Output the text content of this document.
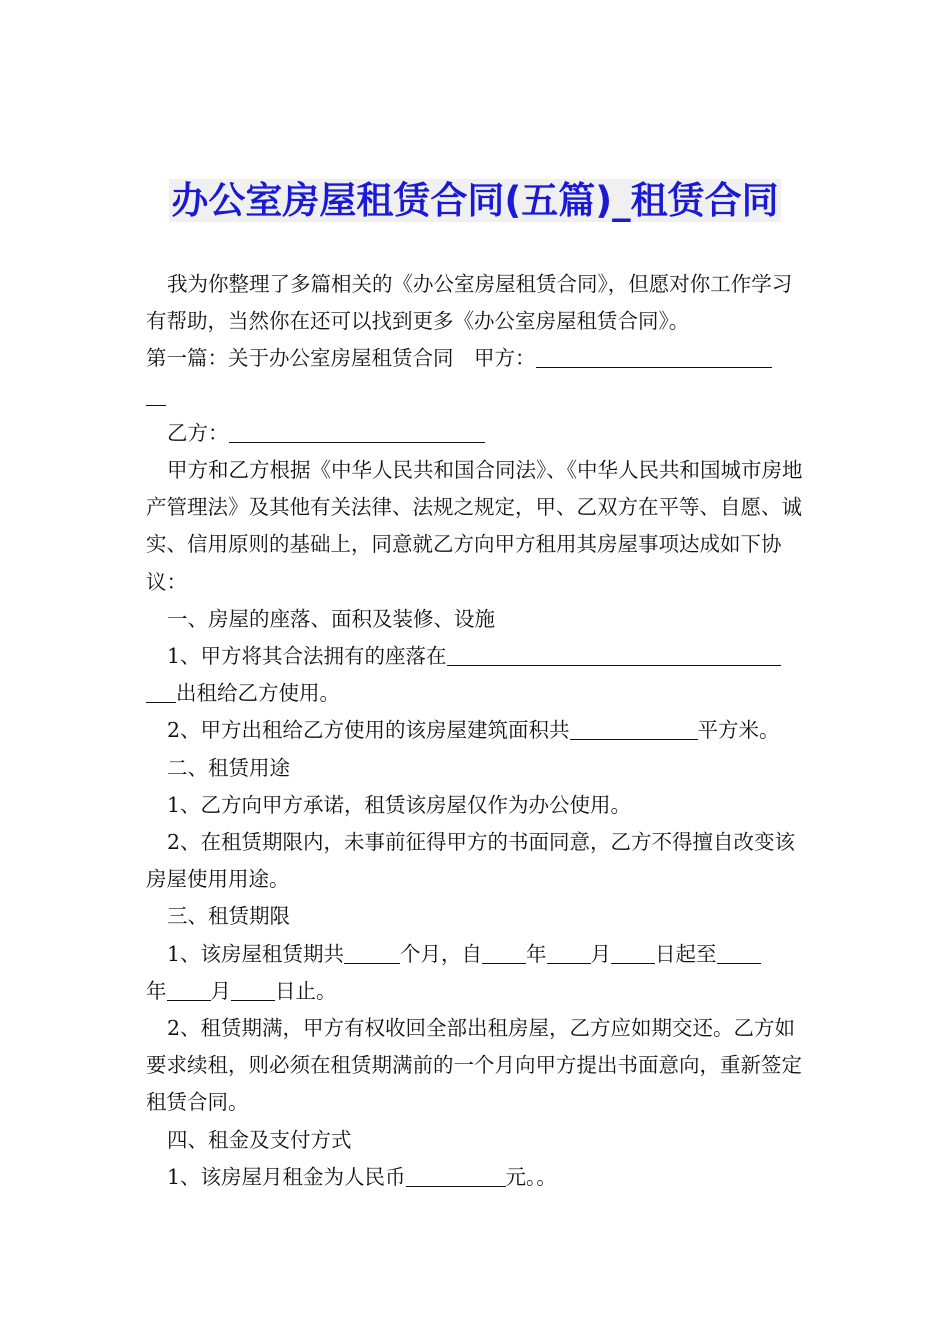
办公室房屋租赁合同(五篇)_租赁合同

我为你整理了多篇相关的《办公室房屋租赁合同》，但愿对你工作学习有帮助，当然你在还可以找到更多《办公室房屋租赁合同》。

第一篇：关于办公室房屋租赁合同　甲方：

乙方：

甲方和乙方根据《中华人民共和国合同法》、《中华人民共和国城市房地产管理法》及其他有关法律、法规之规定，甲、乙双方在平等、自愿、诚实、信用原则的基础上，同意就乙方向甲方租用其房屋事项达成如下协议：

一、房屋的座落、面积及装修、设施

1、甲方将其合法拥有的座落在
出租给乙方使用。

2、甲方出租给乙方使用的该房屋建筑面积共	平方米。

二、租赁用途

1、乙方向甲方承诺，租赁该房屋仅作为办公使用。

2、在租赁期限内，未事前征得甲方的书面同意，乙方不得擅自改变该房屋使用用途。

三、租赁期限

1、该房屋租赁期共	个月，自 年 月 日起至
年 月 日止。

2、租赁期满，甲方有权收回全部出租房屋，乙方应如期交还。乙方如要求续租，则必须在租赁期满前的一个月向甲方提出书面意向，重新签定租赁合同。

四、租金及支付方式

1、该房屋月租金为人民币	元。。
